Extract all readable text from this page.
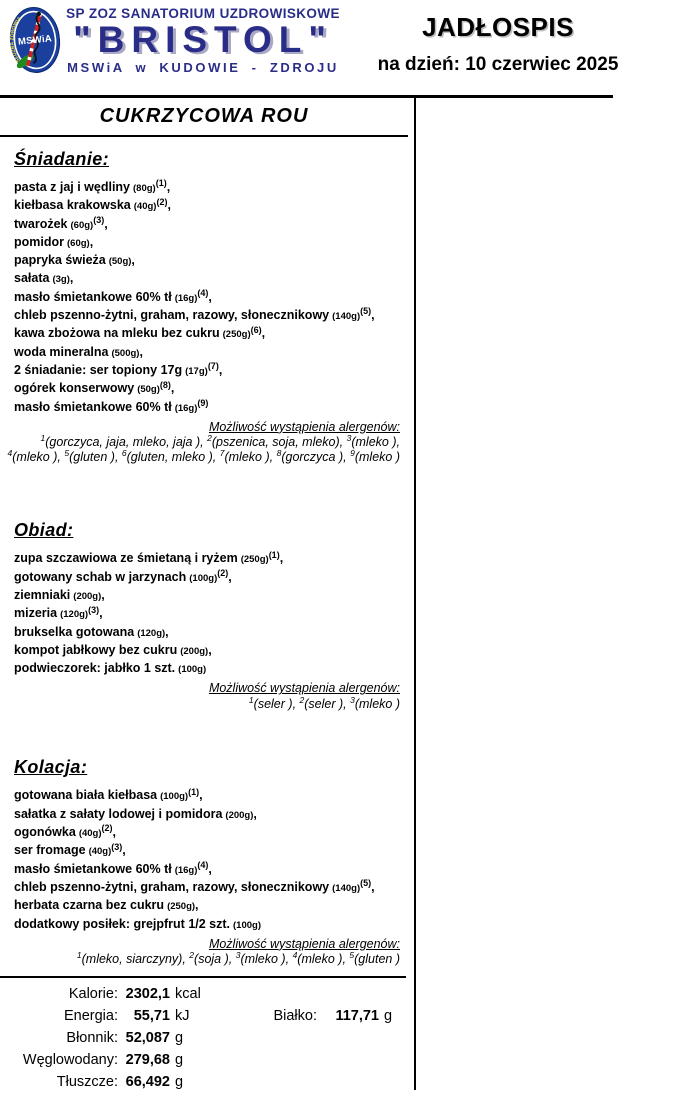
SŁUŻBA ZDROWIA
MSWiA
SP ZOZ SANATORIUM UZDROWISKOWE
"BRISTOL"
MSWiA w KUDOWIE - ZDROJU
JADŁOSPIS
na dzień: 10 czerwiec 2025
CUKRZYCOWA ROU
Śniadanie:
pasta z jaj i wędliny $(80g)^{(1)}$,
kiełbasa krakowska $(40g)^{(2)}$,
twarożek $(60g)^{(3)}$,
pomidor (60g),
papryka świeża (50g),
sałata (3g),
masło śmietankowe 60% tł $(16g)^{(4)}$,
chleb pszenno-żytni, graham, razowy, słonecznikowy $(140g)^{(5)}$,
kawa zbożowa na mleku bez cukru $(250g)^{(6)}$,
woda mineralna (500g),
2 śniadanie: ser topiony 17g $(17g)^{(7)}$,
ogórek konserwowy $(50g)^{(8)}$,
masło śmietankowe 60% tł $(16g)^{(9)}$
Możliwość wystąpienia alergenów:
$^1$(gorczyca, jaja, mleko, jaja ), $^2$(pszenica, soja, mleko), $^3$(mleko ), $^4$(mleko ), $^5$(gluten ), $^6$(gluten, mleko ), $^7$(mleko ), $^8$(gorczyca ), $^9$(mleko )
Obiad:
zupa szczawiowa ze śmietaną i ryżem $(250g)^{(1)}$,
gotowany schab w jarzynach $(100g)^{(2)}$,
ziemniaki (200g),
mizeria $(120g)^{(3)}$,
brukselka gotowana (120g),
kompot jabłkowy bez cukru (200g),
podwieczorek: jabłko 1 szt. (100g)
Możliwość wystąpienia alergenów:
$^1$(seler ), $^2$(seler ), $^3$(mleko )
Kolacja:
gotowana biała kiełbasa $(100g)^{(1)}$,
sałatka z sałaty lodowej i pomidora (200g),
ogonówka $(40g)^{(2)}$,
ser fromage $(40g)^{(3)}$,
masło śmietankowe 60% tł $(16g)^{(4)}$,
chleb pszenno-żytni, graham, razowy, słonecznikowy $(140g)^{(5)}$,
herbata czarna bez cukru (250g),
dodatkowy posiłek: grejpfrut 1/2 szt. (100g)
Możliwość wystąpienia alergenów:
$^1$(mleko, siarczyny), $^2$(soja ), $^3$(mleko ), $^4$(mleko ), $^5$(gluten )
Kalorie: 2302,1 kcal
Energia:	55,71 kJ	Białko:	117,71 g
Błonnik: 52,087 g
Węglowodany: 279,68 g
Tłuszcze: 66,492 g
